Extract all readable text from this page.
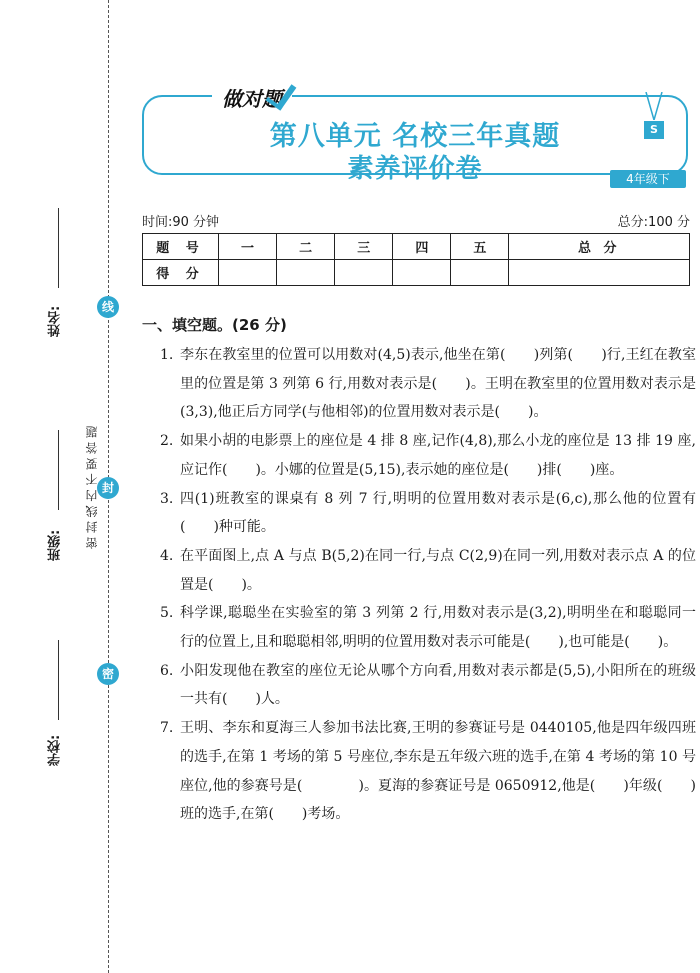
姓名:
班级:
学校:
线
封
密
密 封 线 内 不 要 答 题
做对题
第八单元 名校三年真题
素养评价卷
S
4年级下
时间:90 分钟	总分:100 分
题 号	一	二	三	四	五	总 分
得 分						
一、填空题。(26 分)
1. 李东在教室里的位置可以用数对(4,5)表示,他坐在第(　　)列第(　　)行,王红在教室里的位置是第 3 列第 6 行,用数对表示是(　　)。王明在教室里的位置用数对表示是(3,3),他正后方同学(与他相邻)的位置用数对表示是(　　)。
2. 如果小胡的电影票上的座位是 4 排 8 座,记作(4,8),那么小龙的座位是 13 排 19 座,应记作(　　)。小娜的位置是(5,15),表示她的座位是(　　)排(　　)座。
3. 四(1)班教室的课桌有 8 列 7 行,明明的位置用数对表示是(6,c),那么他的位置有(　　)种可能。
4. 在平面图上,点 A 与点 B(5,2)在同一行,与点 C(2,9)在同一列,用数对表示点 A 的位置是(　　)。
5. 科学课,聪聪坐在实验室的第 3 列第 2 行,用数对表示是(3,2),明明坐在和聪聪同一行的位置上,且和聪聪相邻,明明的位置用数对表示可能是(　　),也可能是(　　)。
6. 小阳发现他在教室的座位无论从哪个方向看,用数对表示都是(5,5),小阳所在的班级一共有(　　)人。
7. 王明、李东和夏海三人参加书法比赛,王明的参赛证号是 0440105,他是四年级四班的选手,在第 1 考场的第 5 号座位,李东是五年级六班的选手,在第 4 考场的第 10 号座位,他的参赛号是(　　　　)。夏海的参赛证号是 0650912,他是(　　)年级(　　)班的选手,在第(　　)考场。
